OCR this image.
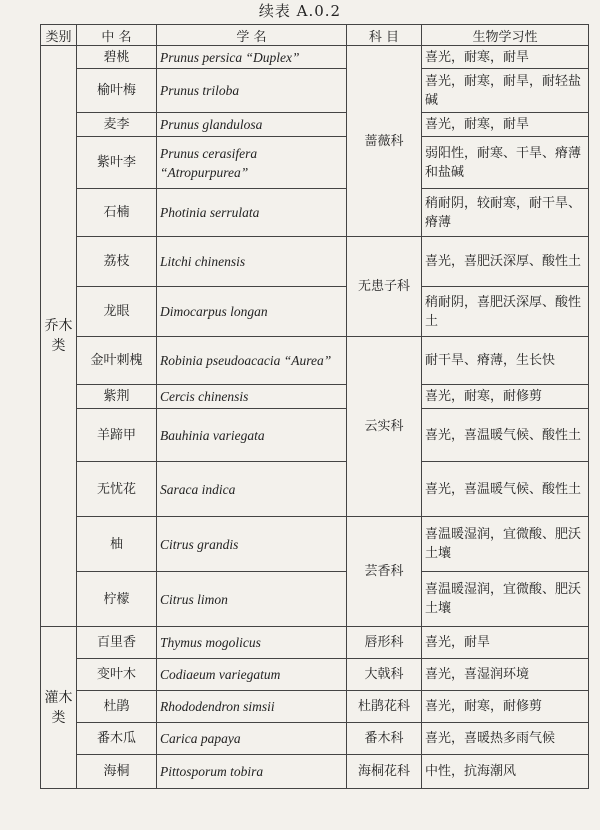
续表 A.0.2
类别	中 名	学 名	科 目	生物学习性
乔木类	碧桃	Prunus persica “Duplex”	蔷薇科	喜光，耐寒，耐旱
	榆叶梅	Prunus triloba		喜光，耐寒，耐旱，耐轻盐碱
	麦李	Prunus glandulosa		喜光，耐寒，耐旱
	紫叶李	Prunus cerasifera “Atropurpurea”		弱阳性，耐寒、干旱、瘠薄和盐碱
	石楠	Photinia serrulata		稍耐阴，较耐寒，耐干旱、瘠薄
	荔枝	Litchi chinensis	无患子科	喜光，喜肥沃深厚、酸性土
	龙眼	Dimocarpus longan		稍耐阴，喜肥沃深厚、酸性土
	金叶刺槐	Robinia pseudoacacia “Aurea”	云实科	耐干旱、瘠薄，生长快
	紫荆	Cercis chinensis		喜光，耐寒，耐修剪
	羊蹄甲	Bauhinia variegata		喜光，喜温暖气候、酸性土
	无忧花	Saraca indica		喜光，喜温暖气候、酸性土
	柚	Citrus grandis	芸香科	喜温暖湿润，宜微酸、肥沃土壤
	柠檬	Citrus limon		喜温暖湿润，宜微酸、肥沃土壤
灌木类	百里香	Thymus mogolicus	唇形科	喜光，耐旱
	变叶木	Codiaeum variegatum	大戟科	喜光，喜湿润环境
	杜鹃	Rhododendron simsii	杜鹃花科	喜光，耐寒，耐修剪
	番木瓜	Carica papaya	番木科	喜光，喜暖热多雨气候
	海桐	Pittosporum tobira	海桐花科	中性，抗海潮风
